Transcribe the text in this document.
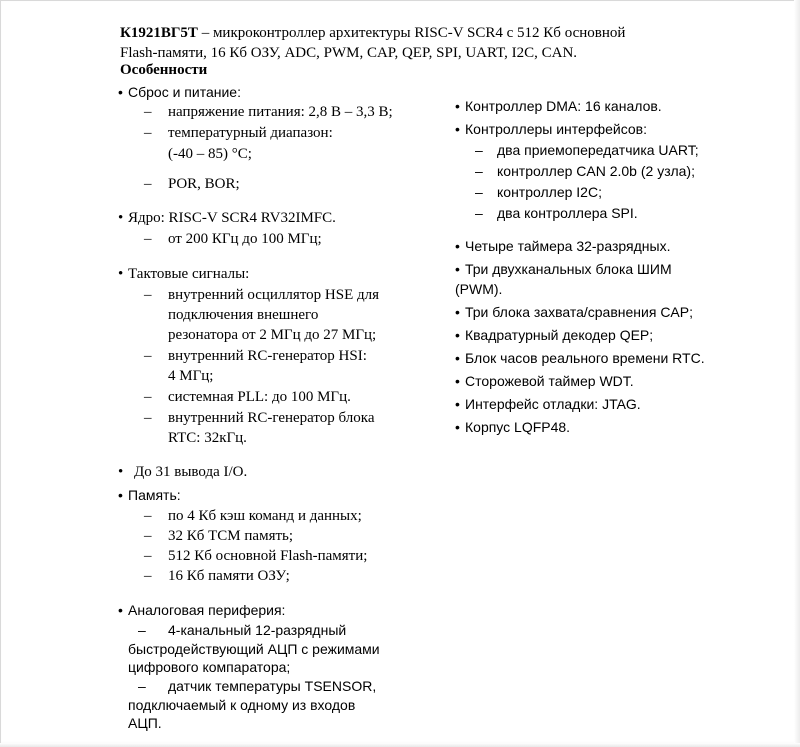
К1921ВГ5Т – микроконтроллер архитектуры RISC-V SCR4 с 512 Кб основной
Flash-памяти, 16 Кб ОЗУ, ADC, PWM, CAP, QEP, SPI, UART, I2C, CAN.
Особенности
• Сброс и питание:
– напряжение питания: 2,8 В – 3,3 В;
– температурный диапазон:
(-40 – 85) °С;
– POR, BOR;
• Ядро: RISC-V SCR4 RV32IMFC.
– от 200 КГц до 100 МГц;
• Тактовые сигналы:
– внутренний осциллятор HSE для
подключения внешнего
резонатора от 2 МГц до 27 МГц;
– внутренний RC-генератор HSI:
4 МГц;
– системная PLL: до 100 МГц.
– внутренний RC-генератор блока
RTC: 32кГц.
• До 31 вывода I/O.
• Память:
– по 4 Кб кэш команд и данных;
– 32 Кб ТСМ память;
– 512 Кб основной Flash-памяти;
– 16 Кб памяти ОЗУ;
• Аналоговая периферия:
– 4-канальный 12-разрядный
быстродействующий АЦП с режимами
цифрового компаратора;
– датчик температуры TSENSOR,
подключаемый к одному из входов
АЦП.
• Контроллер DMA: 16 каналов.
• Контроллеры интерфейсов:
– два приемопередатчика UART;
– контроллер CAN 2.0b (2 узла);
– контроллер I2C;
– два контроллера SPI.
• Четыре таймера 32-разрядных.
• Три двухканальных блока ШИМ
(PWM).
• Три блока захвата/сравнения CAP;
• Квадратурный декодер QEP;
• Блок часов реального времени RTC.
• Сторожевой таймер WDT.
• Интерфейс отладки: JTAG.
• Корпус LQFP48.
